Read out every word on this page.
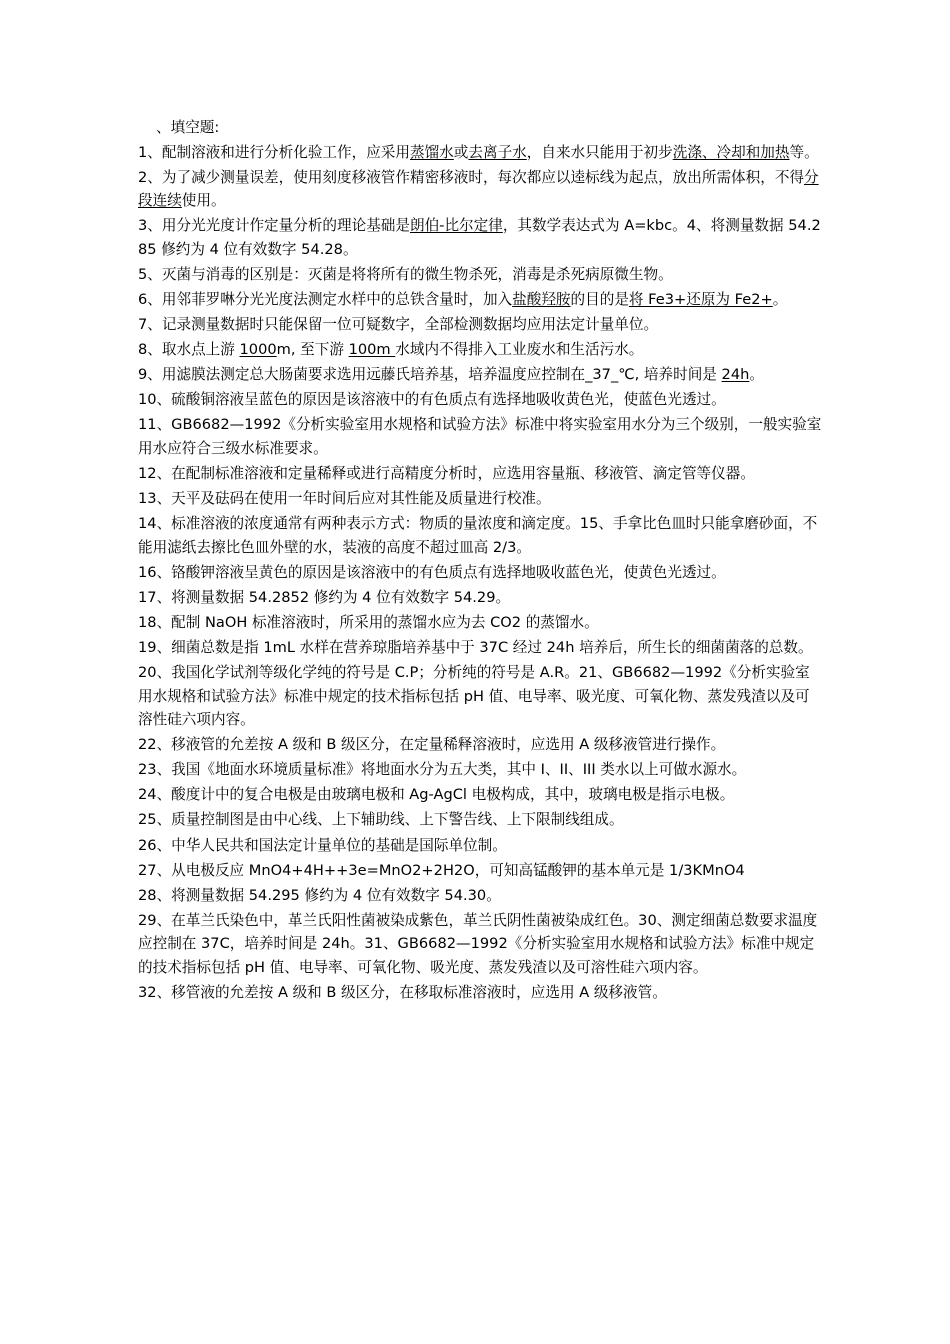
、填空题:
1、配制溶液和进行分析化验工作，应采用蒸馏水或去离子水，自来水只能用于初步洗涤、冷却和加热等。
2、为了减少测量误差，使用刻度移液管作精密移液时，每次都应以逵标线为起点，放出所需体积，不得分段连续使用。
3、用分光光度计作定量分析的理论基础是朗伯-比尔定律，其数学表达式为 A=kbc。4、将测量数据 54.285 修约为 4 位有效数字 54.28。
5、灭菌与消毒的区别是：灭菌是将将所有的微生物杀死，消毒是杀死病原微生物。
6、用邻菲罗啉分光光度法测定水样中的总铁含量时，加入盐酸羟胺的目的是将 Fe3+还原为 Fe2+。
7、记录测量数据时只能保留一位可疑数字，全部检测数据均应用法定计量单位。
8、取水点上游 1000m, 至下游 100m 水域内不得排入工业废水和生活污水。
9、用滤膜法测定总大肠菌要求选用远藤氏培养基，培养温度应控制在_37_℃, 培养时间是 24h。
10、硫酸铜溶液呈蓝色的原因是该溶液中的有色质点有选择地吸收黄色光，使蓝色光透过。
11、GB6682—1992《分析实验室用水规格和试验方法》标准中将实验室用水分为三个级别，一般实验室用水应符合三级水标准要求。
12、在配制标准溶液和定量稀释或进行高精度分析时，应选用容量瓶、移液管、滴定管等仪器。
13、天平及砝码在使用一年时间后应对其性能及质量进行校准。
14、标准溶液的浓度通常有两种表示方式：物质的量浓度和滴定度。15、手拿比色皿时只能拿磨砂面，不能用滤纸去擦比色皿外壁的水，装液的高度不超过皿高 2/3。
16、铬酸钾溶液呈黄色的原因是该溶液中的有色质点有选择地吸收蓝色光，使黄色光透过。
17、将测量数据 54.2852 修约为 4 位有效数字 54.29。
18、配制 NaOH 标准溶液时，所采用的蒸馏水应为去 CO2 的蒸馏水。
19、细菌总数是指 1mL 水样在营养琼脂培养基中于 37C 经过 24h 培养后，所生长的细菌菌落的总数。
20、我国化学试剂等级化学纯的符号是 C.P；分析纯的符号是 A.R。21、GB6682—1992《分析实验室用水规格和试验方法》标准中规定的技术指标包括 pH 值、电导率、吸光度、可氧化物、蒸发残渣以及可溶性硅六项内容。
22、移液管的允差按 A 级和 B 级区分，在定量稀释溶液时，应选用 A 级移液管进行操作。
23、我国《地面水环境质量标准》将地面水分为五大类，其中 I、II、III 类水以上可做水源水。
24、酸度计中的复合电极是由玻璃电极和 Ag-AgCl 电极构成，其中，玻璃电极是指示电极。
25、质量控制图是由中心线、上下辅助线、上下警告线、上下限制线组成。
26、中华人民共和国法定计量单位的基础是国际单位制。
27、从电极反应 MnO4+4H++3e=MnO2+2H2O，可知高锰酸钾的基本单元是 1/3KMnO4
28、将测量数据 54.295 修约为 4 位有效数字 54.30。
29、在革兰氏染色中，革兰氏阳性菌被染成紫色，革兰氏阴性菌被染成红色。30、测定细菌总数要求温度应控制在 37C，培养时间是 24h。31、GB6682—1992《分析实验室用水规格和试验方法》标准中规定的技术指标包括 pH 值、电导率、可氧化物、吸光度、蒸发残渣以及可溶性硅六项内容。
32、移管液的允差按 A 级和 B 级区分，在移取标准溶液时，应选用 A 级移液管。
